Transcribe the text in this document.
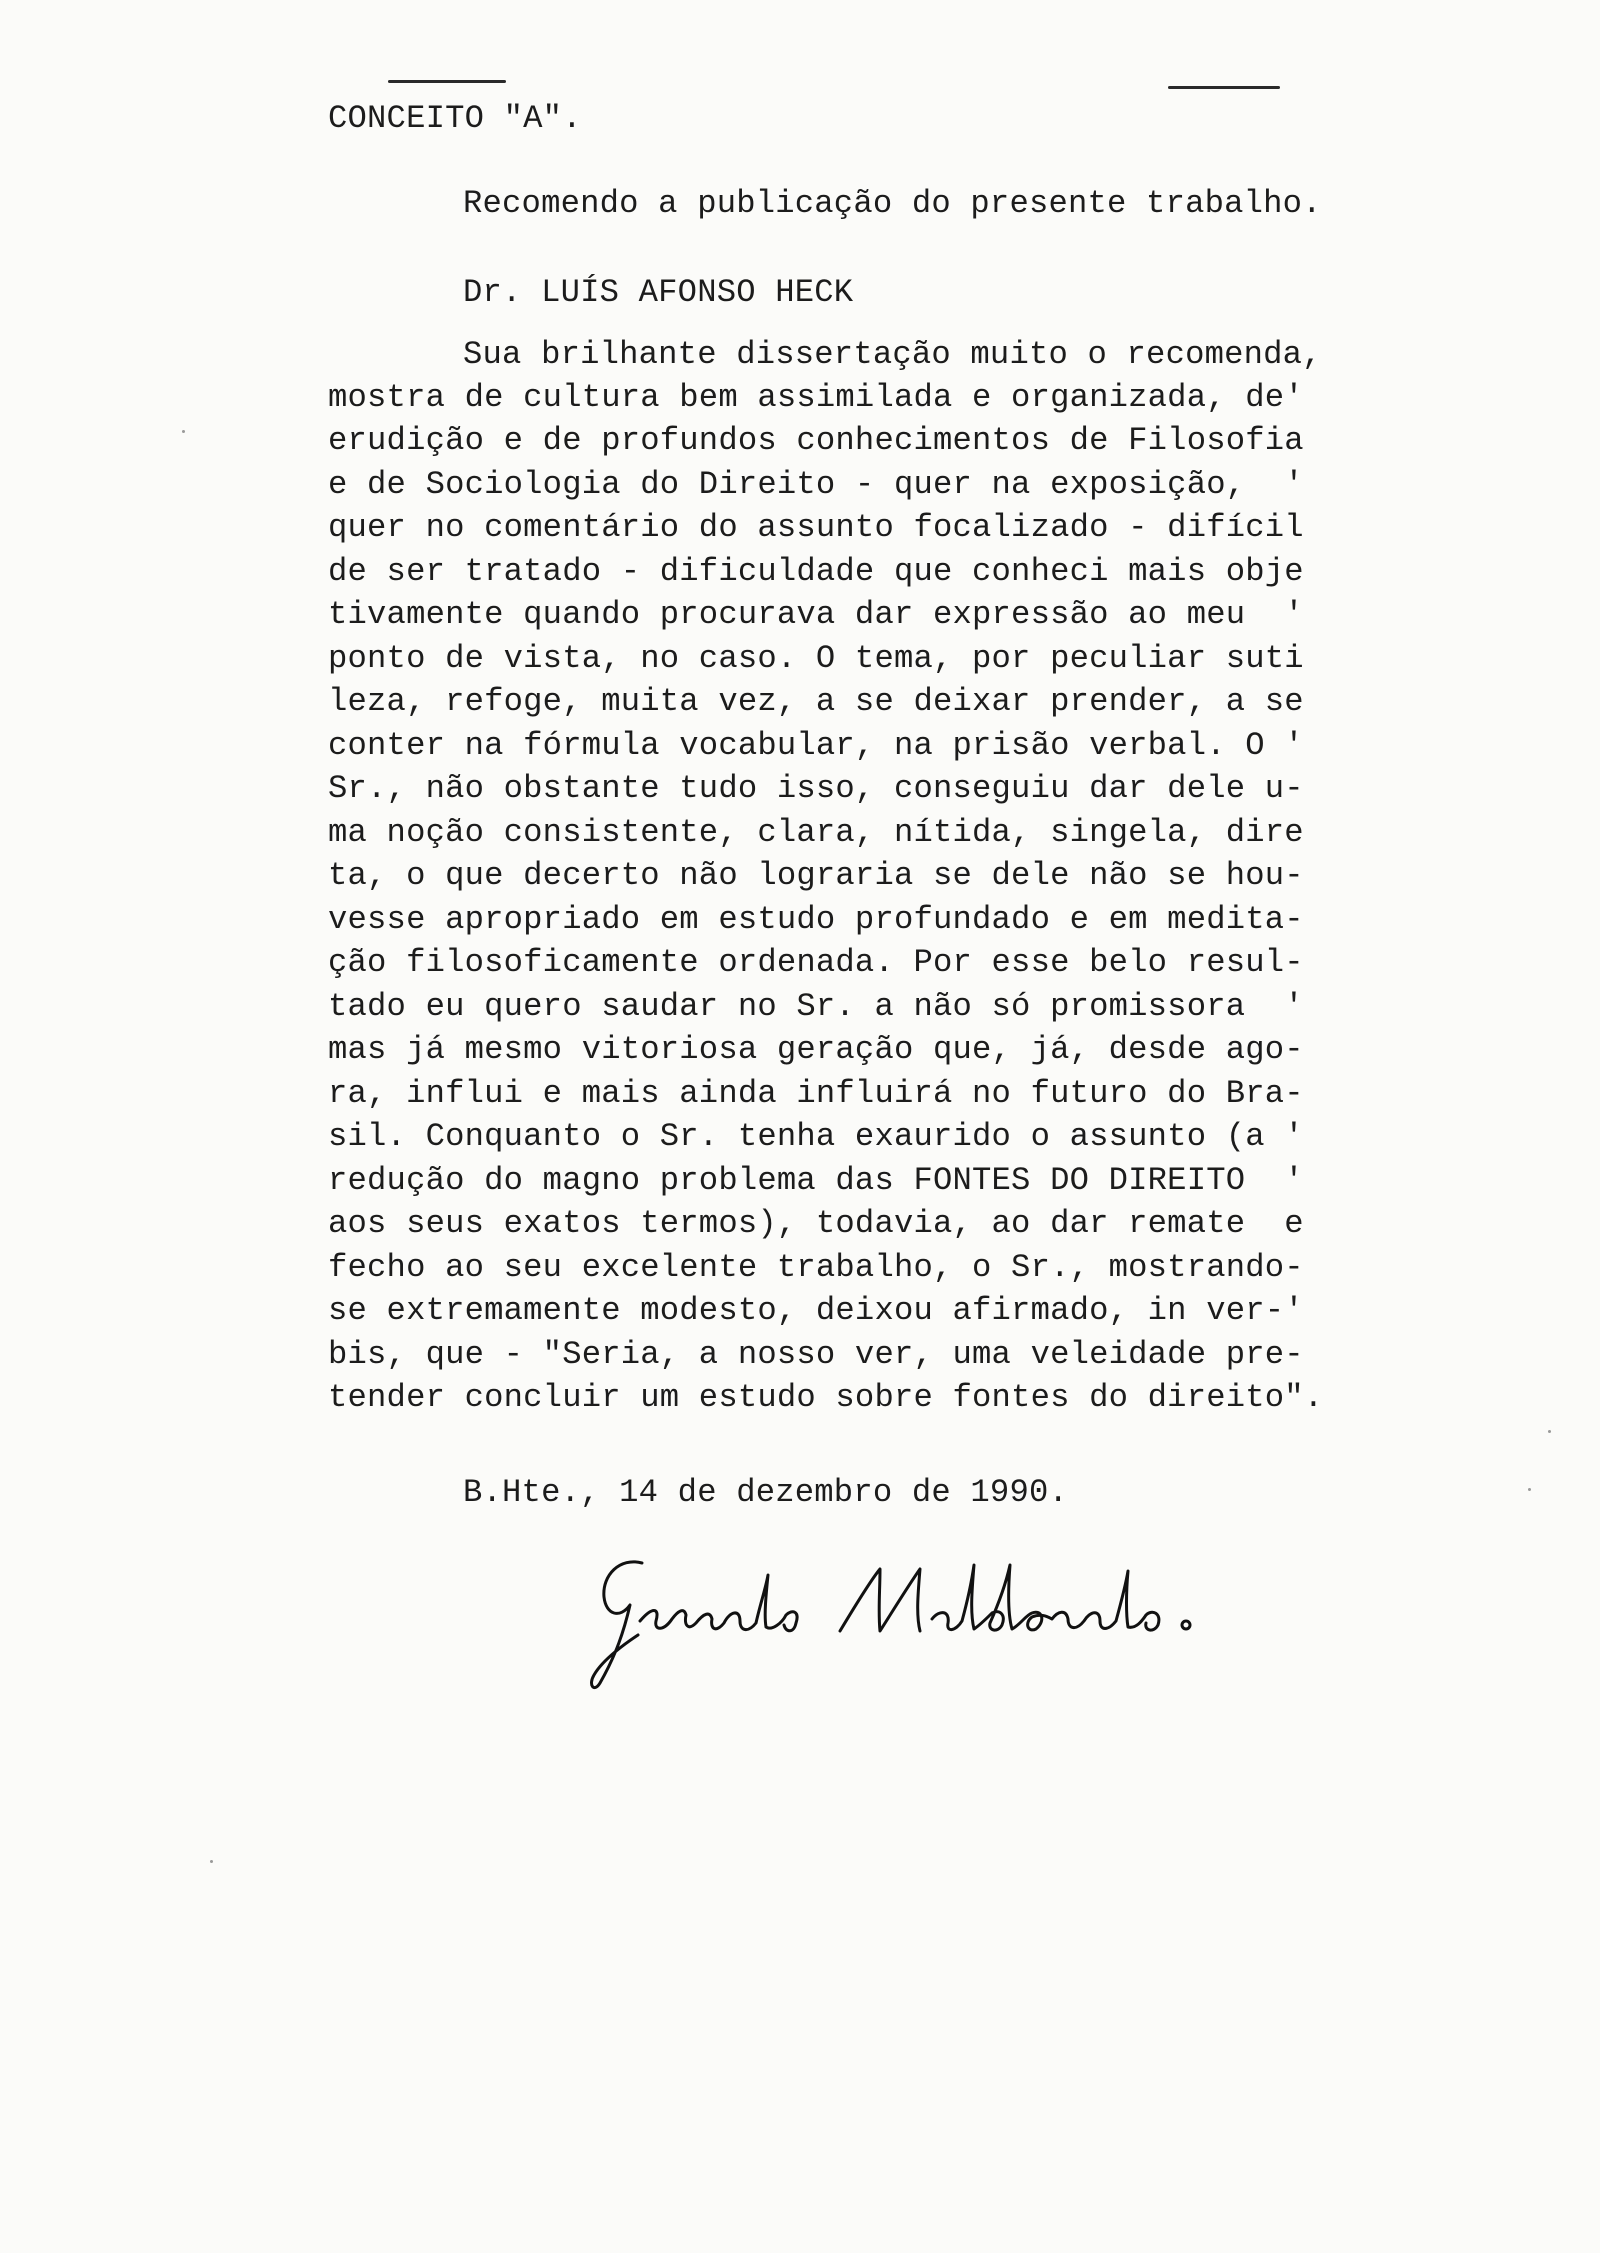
CONCEITO "A".
Recomendo a publicação do presente trabalho.
Dr. LUÍS AFONSO HECK
Sua brilhante dissertação muito o recomenda,
mostra de cultura bem assimilada e organizada, de'
erudição e de profundos conhecimentos de Filosofia
e de Sociologia do Direito - quer na exposição,  '
quer no comentário do assunto focalizado - difícil
de ser tratado - dificuldade que conheci mais obje
tivamente quando procurava dar expressão ao meu  '
ponto de vista, no caso. O tema, por peculiar suti
leza, refoge, muita vez, a se deixar prender, a se
conter na fórmula vocabular, na prisão verbal. O '
Sr., não obstante tudo isso, conseguiu dar dele u-
ma noção consistente, clara, nítida, singela, dire
ta, o que decerto não lograria se dele não se hou-
vesse apropriado em estudo profundado e em medita-
ção filosoficamente ordenada. Por esse belo resul-
tado eu quero saudar no Sr. a não só promissora  '
mas já mesmo vitoriosa geração que, já, desde ago-
ra, influi e mais ainda influirá no futuro do Bra-
sil. Conquanto o Sr. tenha exaurido o assunto (a '
redução do magno problema das FONTES DO DIREITO  '
aos seus exatos termos), todavia, ao dar remate  e
fecho ao seu excelente trabalho, o Sr., mostrando-
se extremamente modesto, deixou afirmado, in ver-'
bis, que - "Seria, a nosso ver, uma veleidade pre-
tender concluir um estudo sobre fontes do direito".
B.Hte., 14 de dezembro de 1990.
